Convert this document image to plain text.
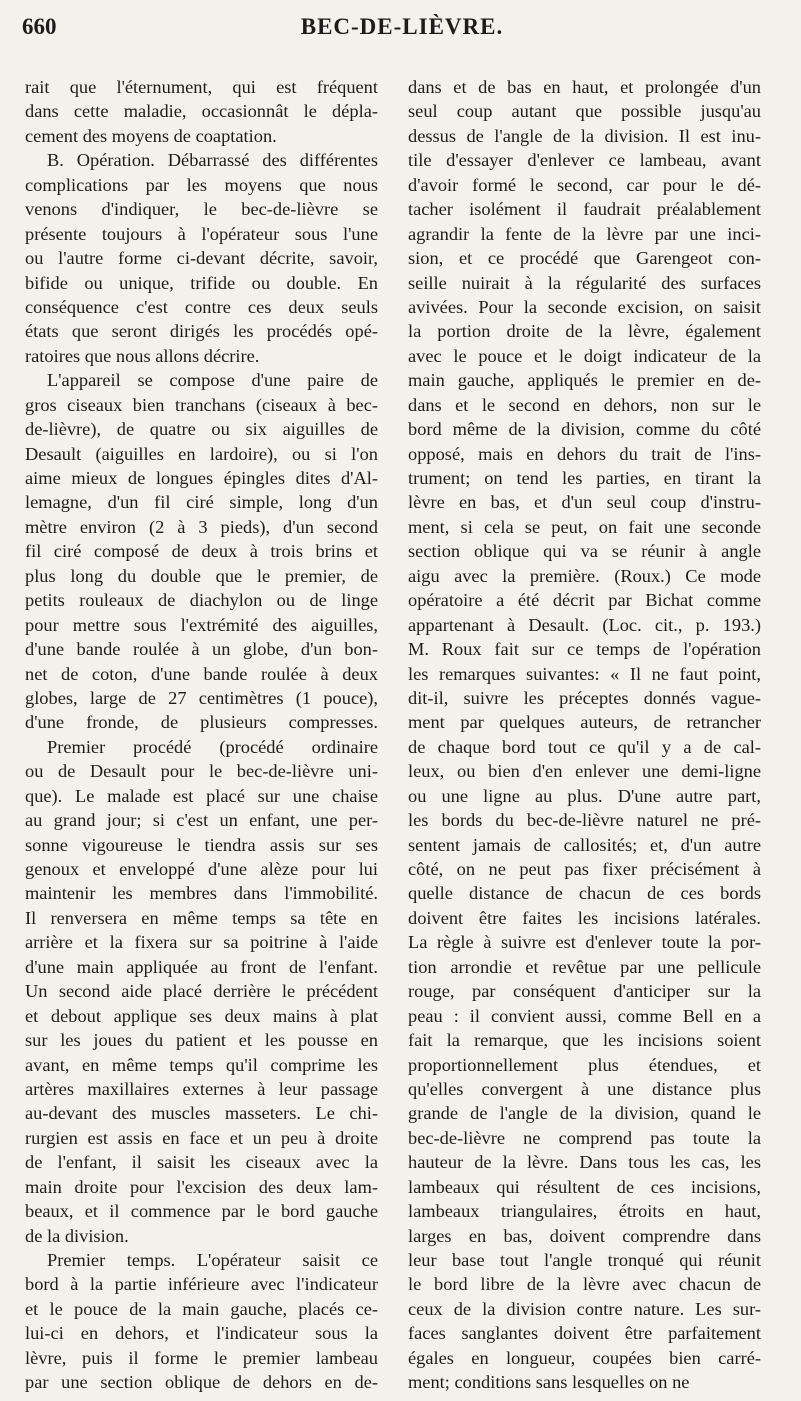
660	BEC-DE-LIÈVRE.
rait que l'éternument, qui est fréquent
dans cette maladie, occasionnât le dépla-
cement des moyens de coaptation.
B. Opération. Débarrassé des différentes
complications par les moyens que nous
venons d'indiquer, le bec-de-lièvre se
présente toujours à l'opérateur sous l'une
ou l'autre forme ci-devant décrite, savoir,
bifide ou unique, trifide ou double. En
conséquence c'est contre ces deux seuls
états que seront dirigés les procédés opé-
ratoires que nous allons décrire.
L'appareil se compose d'une paire de
gros ciseaux bien tranchans (ciseaux à bec-
de-lièvre), de quatre ou six aiguilles de
Desault (aiguilles en lardoire), ou si l'on
aime mieux de longues épingles dites d'Al-
lemagne, d'un fil ciré simple, long d'un
mètre environ (2 à 3 pieds), d'un second
fil ciré composé de deux à trois brins et
plus long du double que le premier, de
petits rouleaux de diachylon ou de linge
pour mettre sous l'extrémité des aiguilles,
d'une bande roulée à un globe, d'un bon-
net de coton, d'une bande roulée à deux
globes, large de 27 centimètres (1 pouce),
d'une fronde, de plusieurs compresses.
Premier procédé (procédé ordinaire
ou de Desault pour le bec-de-lièvre uni-
que). Le malade est placé sur une chaise
au grand jour; si c'est un enfant, une per-
sonne vigoureuse le tiendra assis sur ses
genoux et enveloppé d'une alèze pour lui
maintenir les membres dans l'immobilité.
Il renversera en même temps sa tête en
arrière et la fixera sur sa poitrine à l'aide
d'une main appliquée au front de l'enfant.
Un second aide placé derrière le précédent
et debout applique ses deux mains à plat
sur les joues du patient et les pousse en
avant, en même temps qu'il comprime les
artères maxillaires externes à leur passage
au-devant des muscles masseters. Le chi-
rurgien est assis en face et un peu à droite
de l'enfant, il saisit les ciseaux avec la
main droite pour l'excision des deux lam-
beaux, et il commence par le bord gauche
de la division.
Premier temps. L'opérateur saisit ce
bord à la partie inférieure avec l'indicateur
et le pouce de la main gauche, placés ce-
lui-ci en dehors, et l'indicateur sous la
lèvre, puis il forme le premier lambeau
par une section oblique de dehors en de-
dans et de bas en haut, et prolongée d'un
seul coup autant que possible jusqu'au
dessus de l'angle de la division. Il est inu-
tile d'essayer d'enlever ce lambeau, avant
d'avoir formé le second, car pour le dé-
tacher isolément il faudrait préalablement
agrandir la fente de la lèvre par une inci-
sion, et ce procédé que Garengeot con-
seille nuirait à la régularité des surfaces
avivées. Pour la seconde excision, on saisit
la portion droite de la lèvre, également
avec le pouce et le doigt indicateur de la
main gauche, appliqués le premier en de-
dans et le second en dehors, non sur le
bord même de la division, comme du côté
opposé, mais en dehors du trait de l'ins-
trument; on tend les parties, en tirant la
lèvre en bas, et d'un seul coup d'instru-
ment, si cela se peut, on fait une seconde
section oblique qui va se réunir à angle
aigu avec la première. (Roux.) Ce mode
opératoire a été décrit par Bichat comme
appartenant à Desault. (Loc. cit., p. 193.)
M. Roux fait sur ce temps de l'opération
les remarques suivantes: « Il ne faut point,
dit-il, suivre les préceptes donnés vague-
ment par quelques auteurs, de retrancher
de chaque bord tout ce qu'il y a de cal-
leux, ou bien d'en enlever une demi-ligne
ou une ligne au plus. D'une autre part,
les bords du bec-de-lièvre naturel ne pré-
sentent jamais de callosités; et, d'un autre
côté, on ne peut pas fixer précisément à
quelle distance de chacun de ces bords
doivent être faites les incisions latérales.
La règle à suivre est d'enlever toute la por-
tion arrondie et revêtue par une pellicule
rouge, par conséquent d'anticiper sur la
peau : il convient aussi, comme Bell en a
fait la remarque, que les incisions soient
proportionnellement plus étendues, et
qu'elles convergent à une distance plus
grande de l'angle de la division, quand le
bec-de-lièvre ne comprend pas toute la
hauteur de la lèvre. Dans tous les cas, les
lambeaux qui résultent de ces incisions,
lambeaux triangulaires, étroits en haut,
larges en bas, doivent comprendre dans
leur base tout l'angle tronqué qui réunit
le bord libre de la lèvre avec chacun de
ceux de la division contre nature. Les sur-
faces sanglantes doivent être parfaitement
égales en longueur, coupées bien carré-
ment; conditions sans lesquelles on ne
